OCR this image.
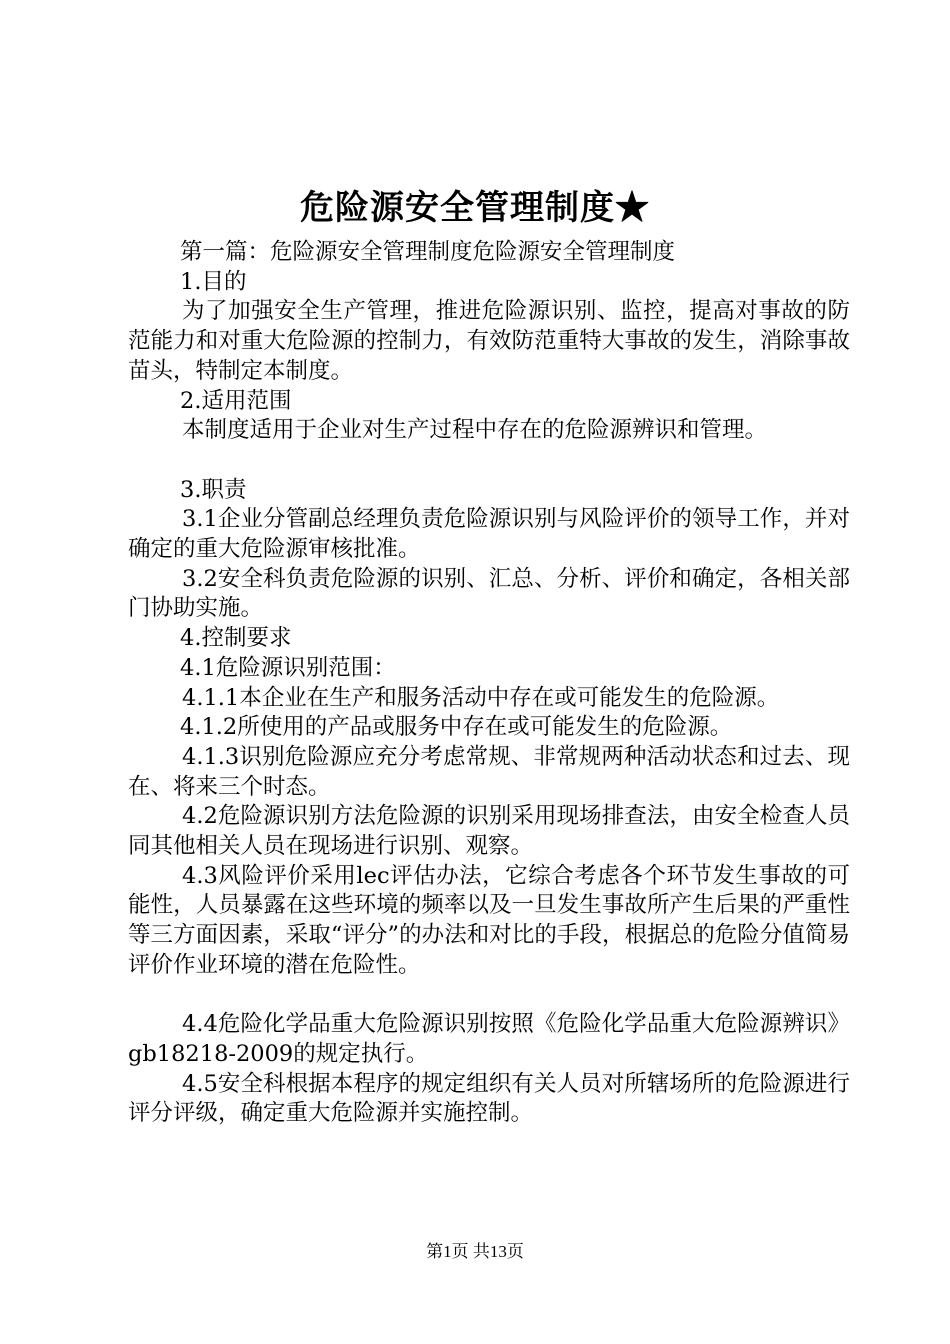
危险源安全管理制度★

第一篇：危险源安全管理制度危险源安全管理制度

1.目的

为了加强安全生产管理，推进危险源识别、监控，提高对事故的防范能力和对重大危险源的控制力，有效防范重特大事故的发生，消除事故苗头，特制定本制度。

2.适用范围

本制度适用于企业对生产过程中存在的危险源辨识和管理。

3.职责

3.1企业分管副总经理负责危险源识别与风险评价的领导工作，并对确定的重大危险源审核批准。

3.2安全科负责危险源的识别、汇总、分析、评价和确定，各相关部门协助实施。

4.控制要求

4.1危险源识别范围：

4.1.1本企业在生产和服务活动中存在或可能发生的危险源。

4.1.2所使用的产品或服务中存在或可能发生的危险源。

4.1.3识别危险源应充分考虑常规、非常规两种活动状态和过去、现在、将来三个时态。

4.2危险源识别方法危险源的识别采用现场排查法，由安全检查人员同其他相关人员在现场进行识别、观察。

4.3风险评价采用lec评估办法，它综合考虑各个环节发生事故的可能性，人员暴露在这些环境的频率以及一旦发生事故所产生后果的严重性等三方面因素，采取“评分”的办法和对比的手段，根据总的危险分值简易评价作业环境的潜在危险性。

4.4危险化学品重大危险源识别按照《危险化学品重大危险源辨识》gb18218-2009的规定执行。

4.5安全科根据本程序的规定组织有关人员对所辖场所的危险源进行评分评级，确定重大危险源并实施控制。

第1页 共13页
